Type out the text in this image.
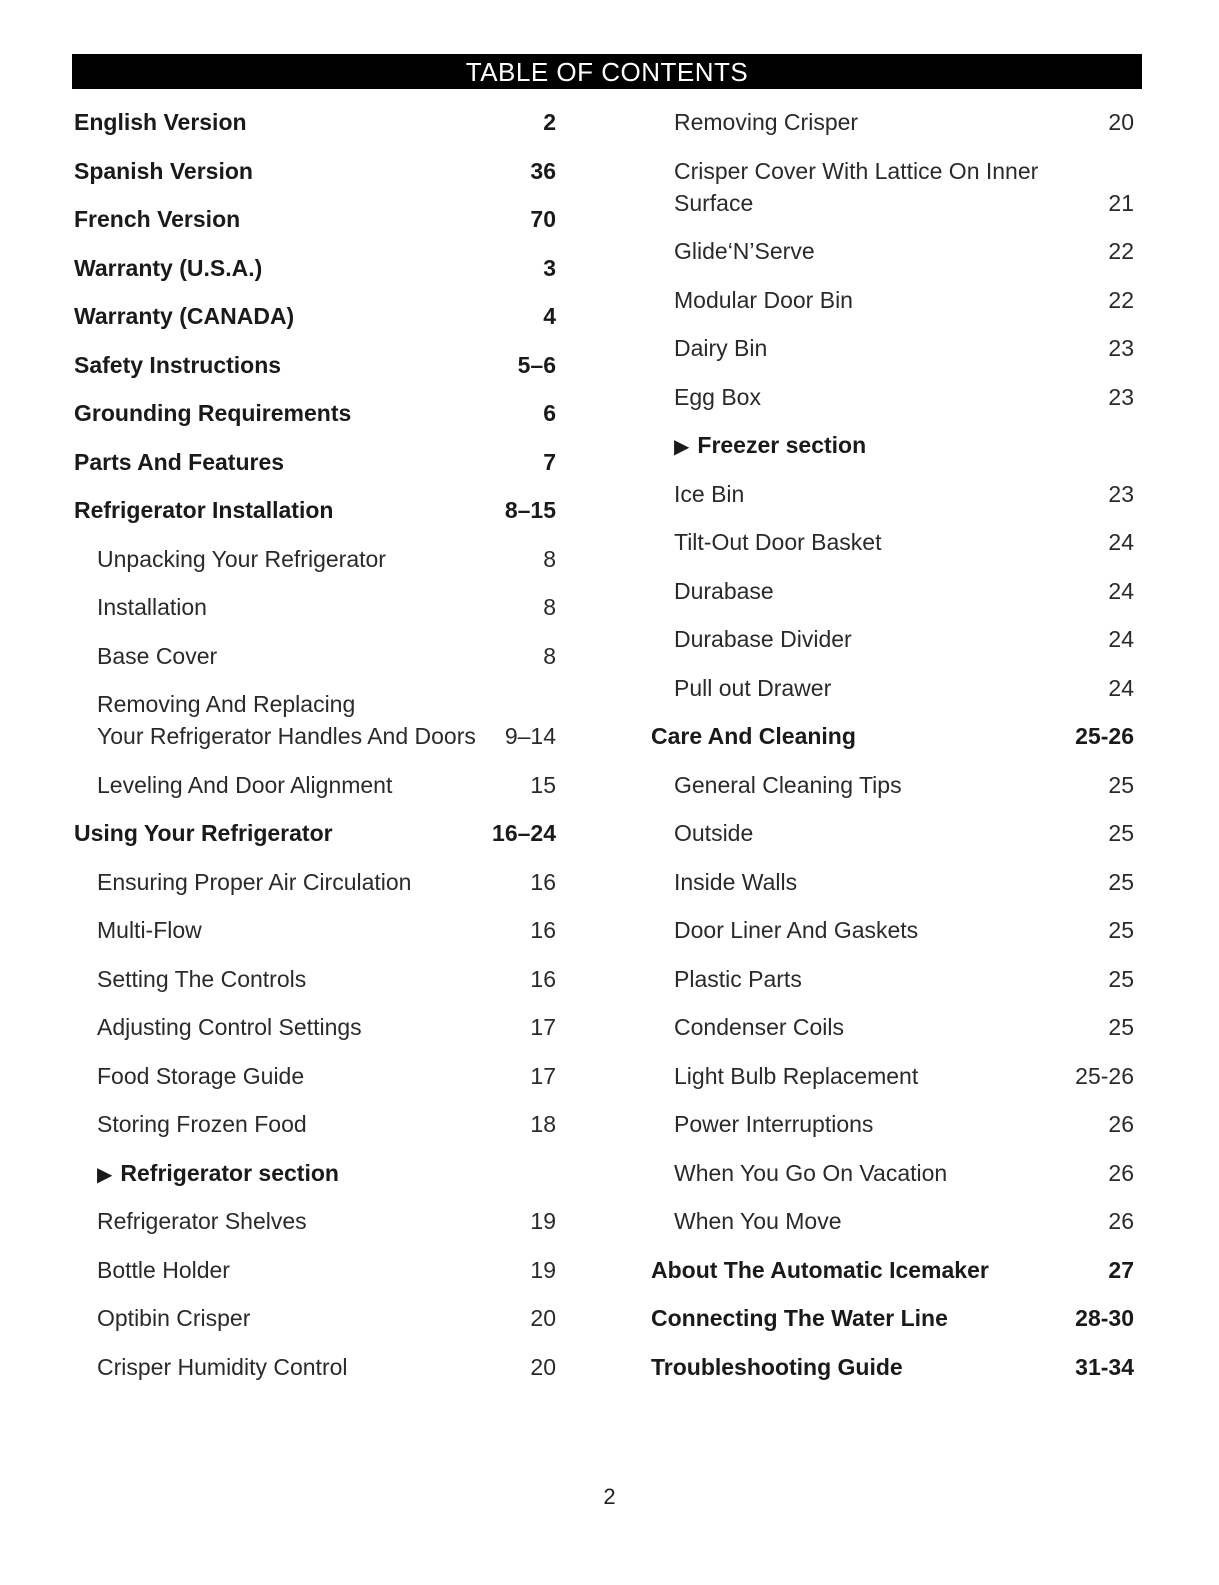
TABLE OF CONTENTS
English Version	2
Spanish Version	36
French Version	70
Warranty (U.S.A.)	3
Warranty (CANADA)	4
Safety Instructions	5–6
Grounding Requirements	6
Parts And Features	7
Refrigerator Installation	8–15
Unpacking Your Refrigerator	8
Installation	8
Base Cover	8
Removing And Replacing
Your Refrigerator Handles And Doors 9–14
Leveling And Door Alignment	15
Using Your Refrigerator	16–24
Ensuring Proper Air Circulation	16
Multi-Flow	16
Setting The Controls	16
Adjusting Control Settings	17
Food Storage Guide	17
Storing Frozen Food	18
▶ Refrigerator section
Refrigerator Shelves	19
Bottle Holder	19
Optibin Crisper	20
Crisper Humidity Control	20
Removing Crisper	20
Crisper Cover With Lattice On Inner
Surface	21
Glide‘N’Serve	22
Modular Door Bin	22
Dairy Bin	23
Egg Box	23
▶ Freezer section
Ice Bin	23
Tilt-Out Door Basket	24
Durabase	24
Durabase Divider	24
Pull out Drawer	24
Care And Cleaning	25-26
General Cleaning Tips	25
Outside	25
Inside Walls	25
Door Liner And Gaskets	25
Plastic Parts	25
Condenser Coils	25
Light Bulb Replacement	25-26
Power Interruptions	26
When You Go On Vacation	26
When You Move	26
About The Automatic Icemaker	27
Connecting The Water Line	28-30
Troubleshooting Guide	31-34
2
